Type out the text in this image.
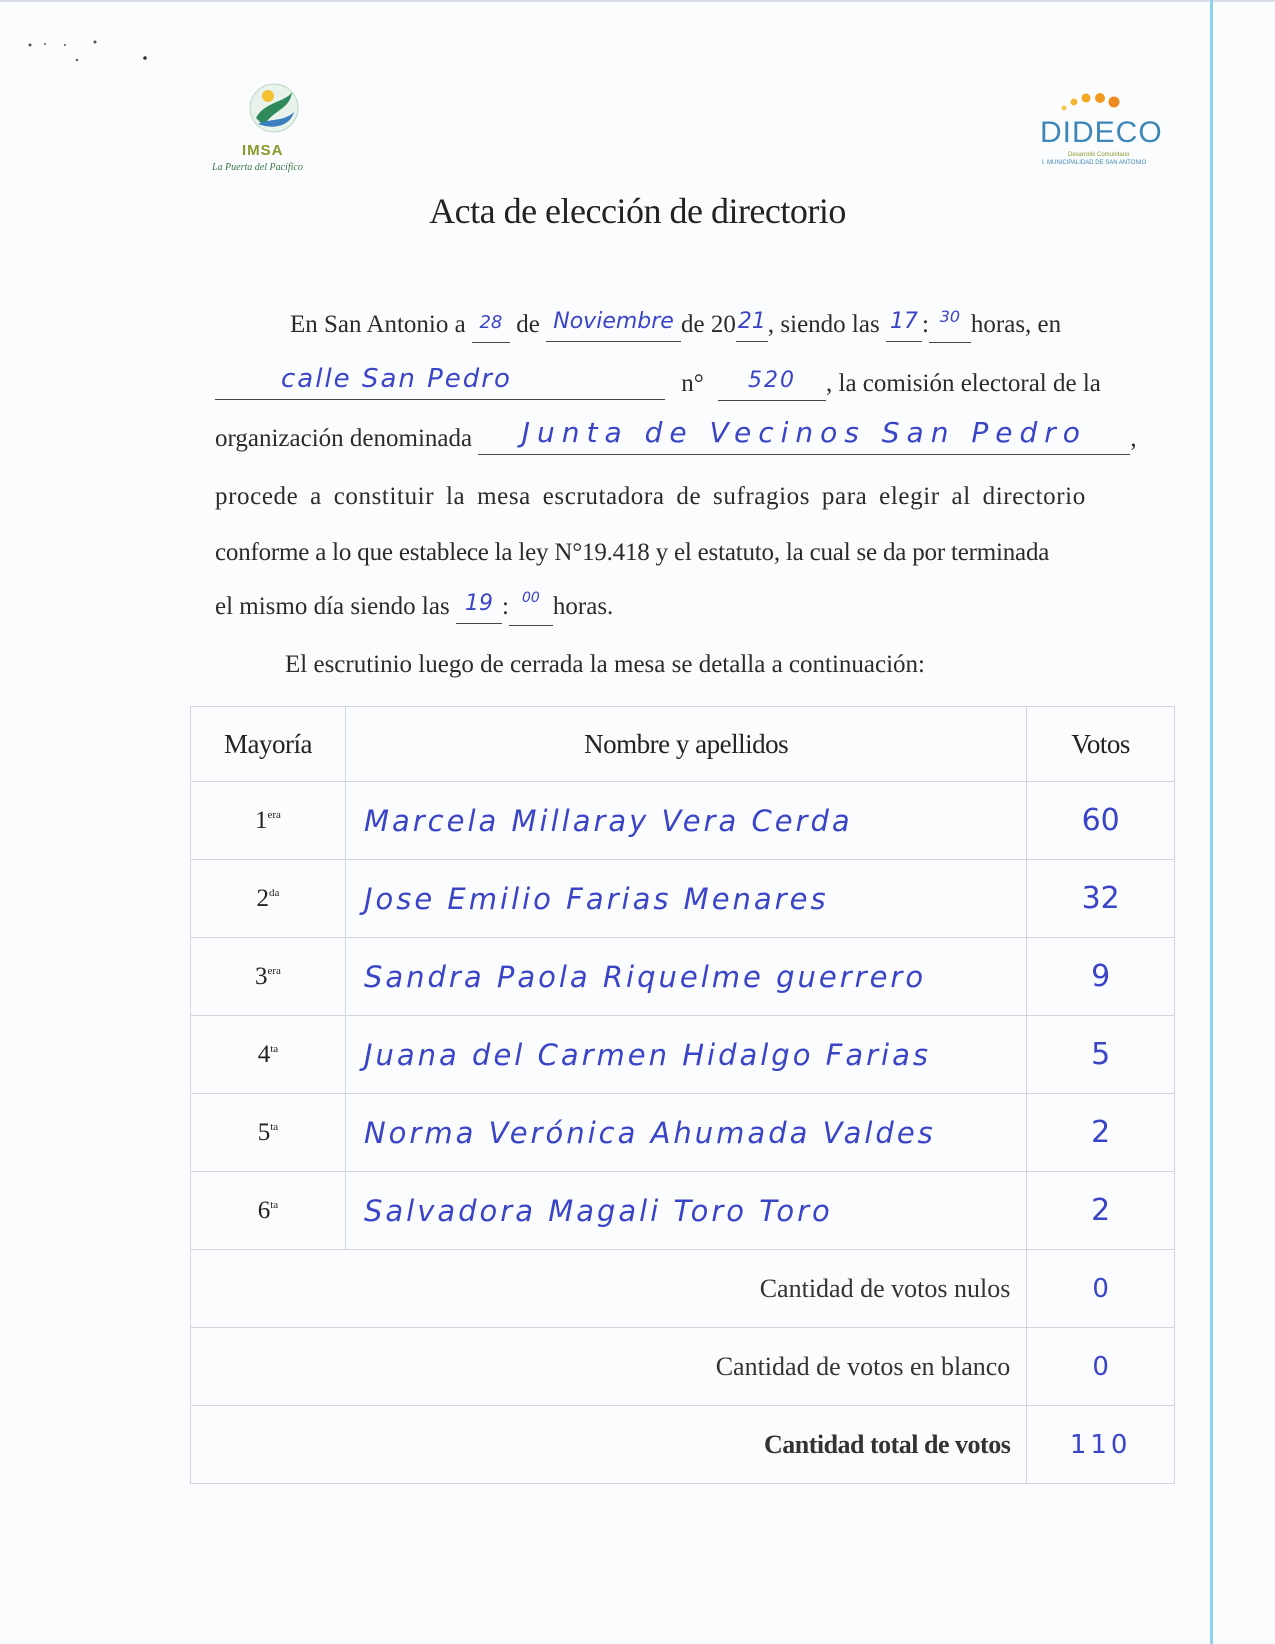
IMSA
La Puerta del Pacífico
DIDECO
Desarrollo Comunitario
I. MUNICIPALIDAD DE SAN ANTONIO
Acta de elección de directorio
En San Antonio a 28 de Noviembre de 2021, siendo las 17 : $^{30}$ horas, en
calle San Pedro	n° 520 , la comisión electoral de la
organización denominada Junta de Vecinos San Pedro ,
procede a constituir la mesa escrutadora de sufragios para elegir al directorio
conforme a lo que establece la ley N°19.418 y el estatuto, la cual se da por terminada
el mismo día siendo las 19 : $^{00}$ horas.
El escrutinio luego de cerrada la mesa se detalla a continuación:
Mayoría	Nombre y apellidos	Votos
$1^{era}$	Marcela Millaray Vera Cerda	60
$2^{da}$	Jose Emilio Farias Menares	32
$3^{era}$	Sandra Paola Riquelme guerrero	9
$4^{ta}$	Juana del Carmen Hidalgo Farias	5
$5^{ta}$	Norma Verónica Ahumada Valdes	2
$6^{ta}$	Salvadora Magali Toro Toro	2
Cantidad de votos nulos		0
Cantidad de votos en blanco		0
Cantidad total de votos		110
